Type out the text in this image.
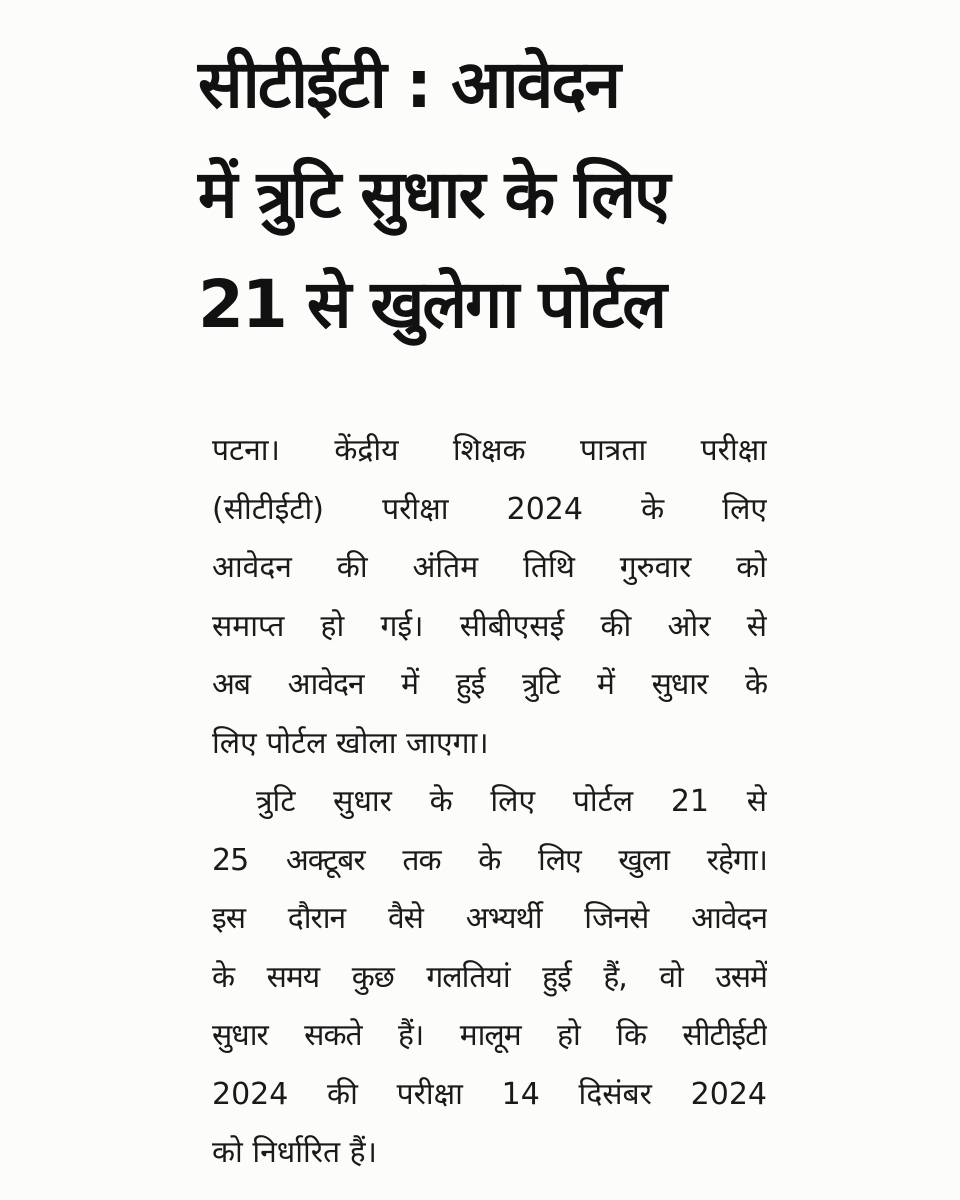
सीटीईटी : आवेदन
में त्रुटि सुधार के लिए
21 से खुलेगा पोर्टल
पटना। केंद्रीय शिक्षक पात्रता परीक्षा
(सीटीईटी) परीक्षा 2024 के लिए
आवेदन की अंतिम तिथि गुरुवार को
समाप्त हो गई। सीबीएसई की ओर से
अब आवेदन में हुई त्रुटि में सुधार के
लिए पोर्टल खोला जाएगा।
त्रुटि सुधार के लिए पोर्टल 21 से
25 अक्टूबर तक के लिए खुला रहेगा।
इस दौरान वैसे अभ्यर्थी जिनसे आवेदन
के समय कुछ गलतियां हुई हैं, वो उसमें
सुधार सकते हैं। मालूम हो कि सीटीईटी
2024 की परीक्षा 14 दिसंबर 2024
को निर्धारित हैं।
